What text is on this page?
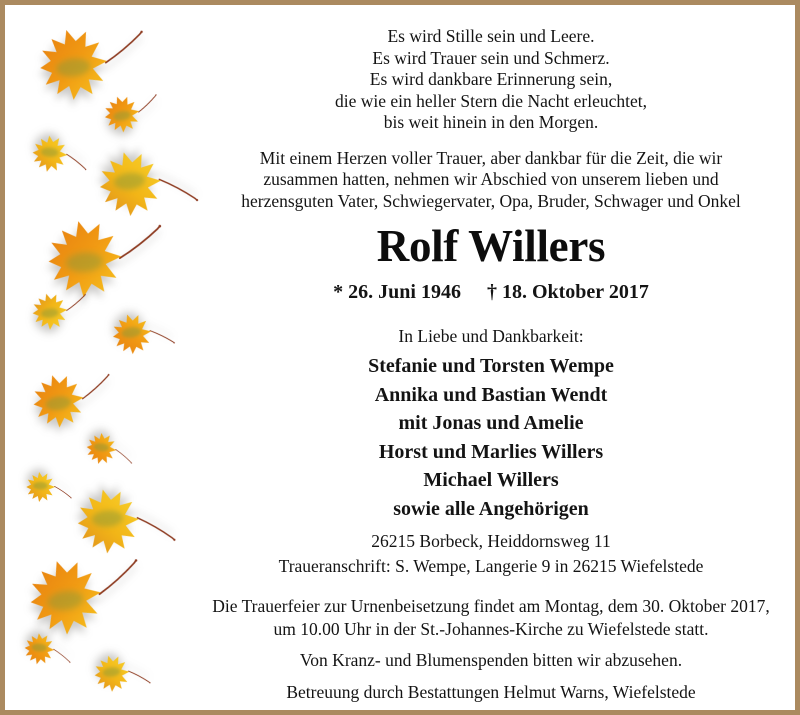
Es wird Stille sein und Leere.
Es wird Trauer sein und Schmerz.
Es wird dankbare Erinnerung sein,
die wie ein heller Stern die Nacht erleuchtet,
bis weit hinein in den Morgen.
Mit einem Herzen voller Trauer, aber dankbar für die Zeit, die wir
zusammen hatten, nehmen wir Abschied von unserem lieben und
herzensguten Vater, Schwiegervater, Opa, Bruder, Schwager und Onkel
Rolf Willers
* 26. Juni 1946 † 18. Oktober 2017
In Liebe und Dankbarkeit:
Stefanie und Torsten Wempe
Annika und Bastian Wendt
mit Jonas und Amelie
Horst und Marlies Willers
Michael Willers
sowie alle Angehörigen
26215 Borbeck, Heiddornsweg 11
Traueranschrift: S. Wempe, Langerie 9 in 26215 Wiefelstede
Die Trauerfeier zur Urnenbeisetzung findet am Montag, dem 30. Oktober 2017,
um 10.00 Uhr in der St.-Johannes-Kirche zu Wiefelstede statt.
Von Kranz- und Blumenspenden bitten wir abzusehen.
Betreuung durch Bestattungen Helmut Warns, Wiefelstede
